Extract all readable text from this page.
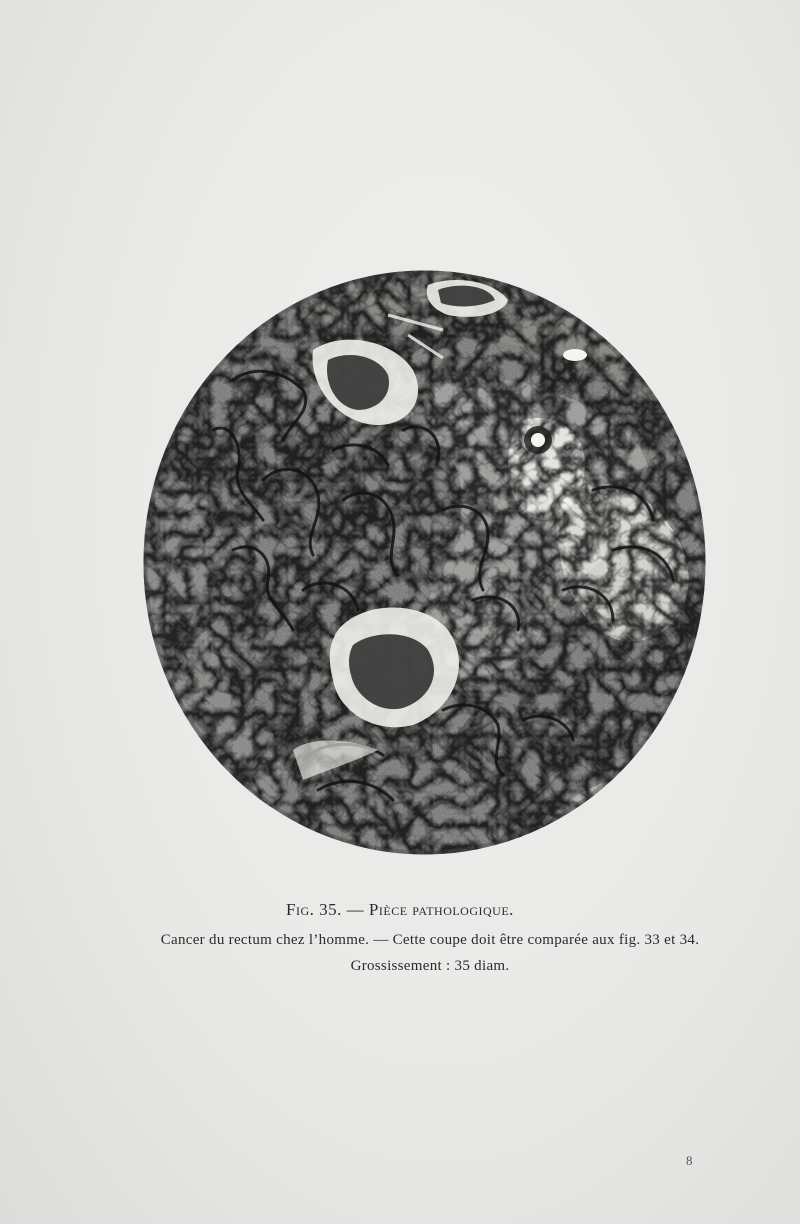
Fig. 35. — Pièce pathologique.
Cancer du rectum chez l’homme. — Cette coupe doit être comparée aux fig. 33 et 34.
Grossissement : 35 diam.
8
